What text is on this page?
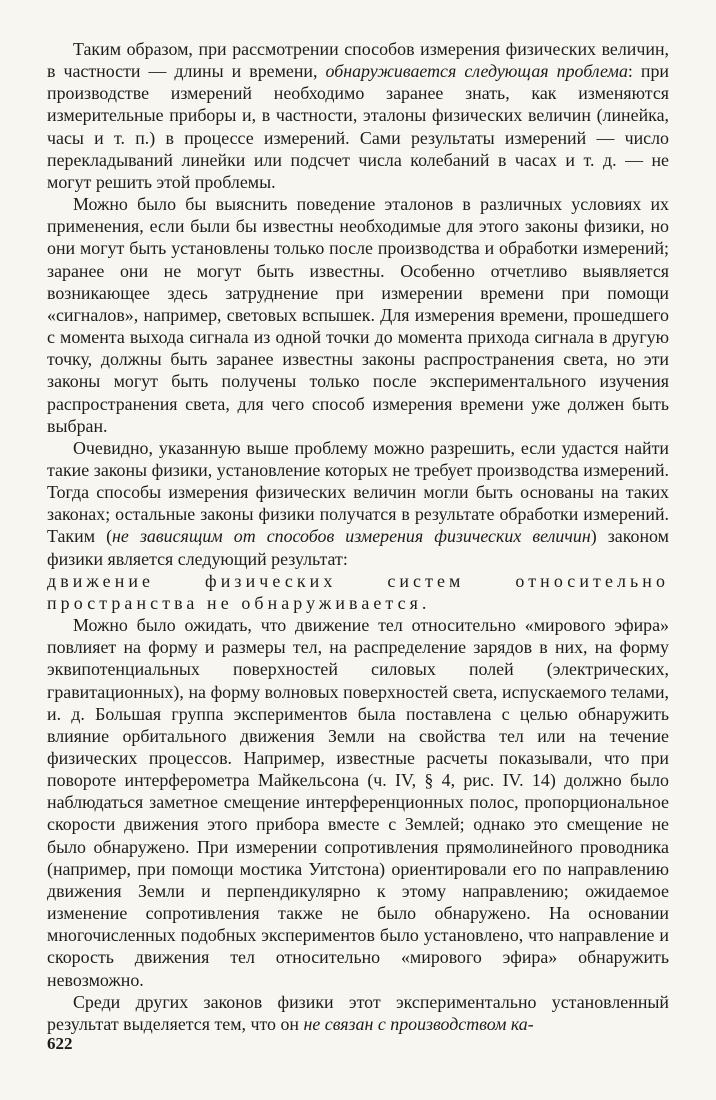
Таким образом, при рассмотрении способов измерения физических величин, в частности — длины и времени, обнаруживается следующая проблема: при производстве измерений необходимо заранее знать, как изменяются измерительные приборы и, в частности, эталоны физических величин (линейка, часы и т. п.) в процессе измерений. Сами результаты измерений — число перекладываний линейки или подсчет числа колебаний в часах и т. д. — не могут решить этой проблемы.

Можно было бы выяснить поведение эталонов в различных условиях их применения, если были бы известны необходимые для этого законы физики, но они могут быть установлены только после производства и обработки измерений; заранее они не могут быть известны. Особенно отчетливо выявляется возникающее здесь затруднение при измерении времени при помощи «сигналов», например, световых вспышек. Для измерения времени, прошедшего с момента выхода сигнала из одной точки до момента прихода сигнала в другую точку, должны быть заранее известны законы распространения света, но эти законы могут быть получены только после экспериментального изучения распространения света, для чего способ измерения времени уже должен быть выбран.

Очевидно, указанную выше проблему можно разрешить, если удастся найти такие законы физики, установление которых не требует производства измерений. Тогда способы измерения физических величин могли быть основаны на таких законах; остальные законы физики получатся в результате обработки измерений. Таким (не зависящим от способов измерения физических величин) законом физики является следующий результат:

движение физических систем относительно пространства не обнаруживается.

Можно было ожидать, что движение тел относительно «мирового эфира» повлияет на форму и размеры тел, на распределение зарядов в них, на форму эквипотенциальных поверхностей силовых полей (электрических, гравитационных), на форму волновых поверхностей света, испускаемого телами, и. д. Большая группа экспериментов была поставлена с целью обнаружить влияние орбитального движения Земли на свойства тел или на течение физических процессов. Например, известные расчеты показывали, что при повороте интерферометра Майкельсона (ч. IV, § 4, рис. IV. 14) должно было наблюдаться заметное смещение интерференционных полос, пропорциональное скорости движения этого прибора вместе с Землей; однако это смещение не было обнаружено. При измерении сопротивления прямолинейного проводника (например, при помощи мостика Уитстона) ориентировали его по направлению движения Земли и перпендикулярно к этому направлению; ожидаемое изменение сопротивления также не было обнаружено. На основании многочисленных подобных экспериментов было установлено, что направление и скорость движения тел относительно «мирового эфира» обнаружить невозможно.

Среди других законов физики этот экспериментально установленный результат выделяется тем, что он не связан с производством ка-

622
